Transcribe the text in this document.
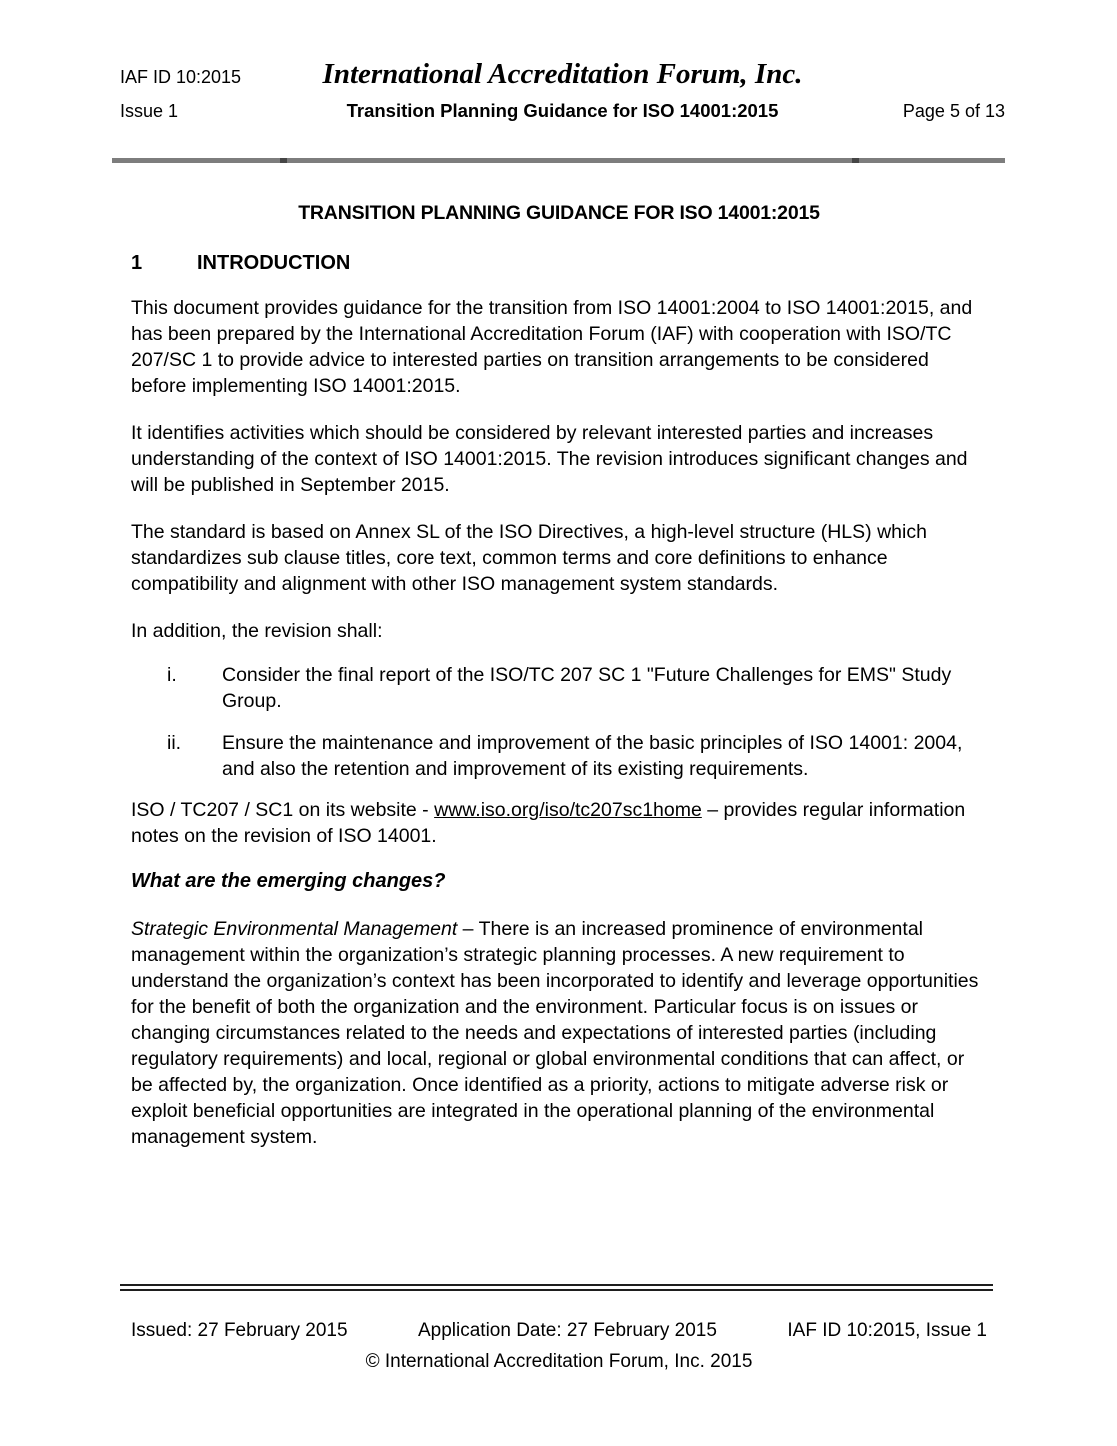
IAF ID 10:2015	International Accreditation Forum, Inc.
Issue 1	Transition Planning Guidance for ISO 14001:2015	Page 5 of 13
TRANSITION PLANNING GUIDANCE FOR ISO 14001:2015
1	INTRODUCTION

This document provides guidance for the transition from ISO 14001:2004 to ISO 14001:2015, and has been prepared by the International Accreditation Forum (IAF) with cooperation with ISO/TC 207/SC 1 to provide advice to interested parties on transition arrangements to be considered before implementing ISO 14001:2015.

It identifies activities which should be considered by relevant interested parties and increases understanding of the context of ISO 14001:2015. The revision introduces significant changes and will be published in September 2015.

The standard is based on Annex SL of the ISO Directives, a high-level structure (HLS) which standardizes sub clause titles, core text, common terms and core definitions to enhance compatibility and alignment with other ISO management system standards.

In addition, the revision shall:

i.	Consider the final report of the ISO/TC 207 SC 1 "Future Challenges for EMS" Study Group.
ii.	Ensure the maintenance and improvement of the basic principles of ISO 14001: 2004, and also the retention and improvement of its existing requirements.

ISO / TC207 / SC1 on its website - www.iso.org/iso/tc207sc1home – provides regular information notes on the revision of ISO 14001.

What are the emerging changes?

Strategic Environmental Management – There is an increased prominence of environmental management within the organization’s strategic planning processes. A new requirement to understand the organization’s context has been incorporated to identify and leverage opportunities for the benefit of both the organization and the environment. Particular focus is on issues or changing circumstances related to the needs and expectations of interested parties (including regulatory requirements) and local, regional or global environmental conditions that can affect, or be affected by, the organization. Once identified as a priority, actions to mitigate adverse risk or exploit beneficial opportunities are integrated in the operational planning of the environmental management system.

Issued: 27 February 2015	Application Date: 27 February 2015	IAF ID 10:2015, Issue 1
© International Accreditation Forum, Inc. 2015
